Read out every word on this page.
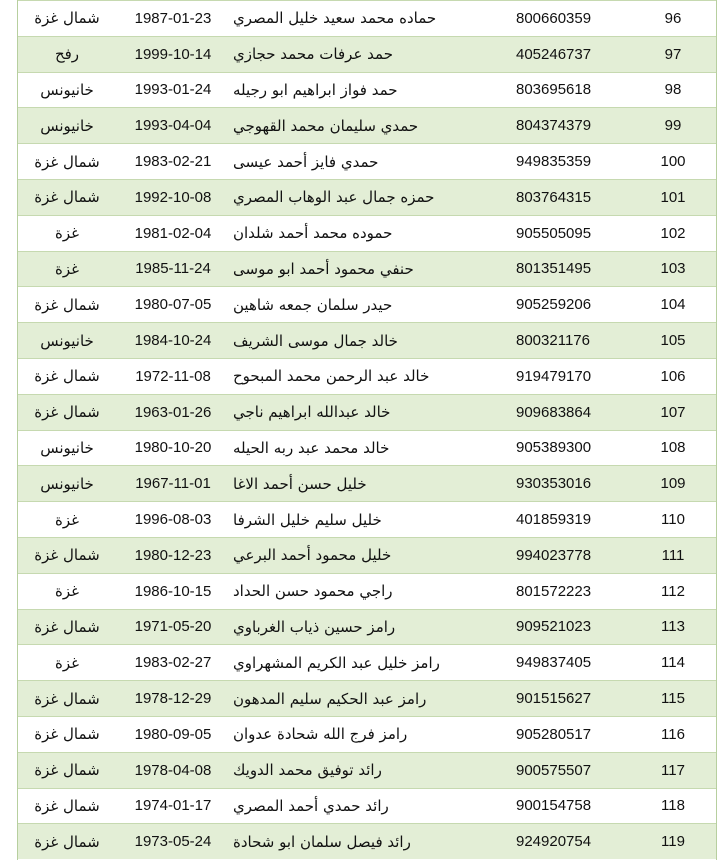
شمال غزة	1987-01-23	حماده محمد سعيد خليل المصري	800660359	96
رفح	1999-10-14	حمد عرفات محمد حجازي	405246737	97
خانيونس	1993-01-24	حمد فواز ابراهيم ابو رجيله	803695618	98
خانيونس	1993-04-04	حمدي سليمان محمد القهوجي	804374379	99
شمال غزة	1983-02-21	حمدي فايز أحمد عيسى	949835359	100
شمال غزة	1992-10-08	حمزه جمال عبد الوهاب المصري	803764315	101
غزة	1981-02-04	حموده محمد أحمد شلدان	905505095	102
غزة	1985-11-24	حنفي محمود أحمد ابو موسى	801351495	103
شمال غزة	1980-07-05	حيدر سلمان جمعه شاهين	905259206	104
خانيونس	1984-10-24	خالد جمال موسى الشريف	800321176	105
شمال غزة	1972-11-08	خالد عبد الرحمن محمد المبحوح	919479170	106
شمال غزة	1963-01-26	خالد عبدالله ابراهيم ناجي	909683864	107
خانيونس	1980-10-20	خالد محمد عبد ربه الحيله	905389300	108
خانيونس	1967-11-01	خليل حسن أحمد الاغا	930353016	109
غزة	1996-08-03	خليل سليم خليل الشرفا	401859319	110
شمال غزة	1980-12-23	خليل محمود أحمد البرعي	994023778	111
غزة	1986-10-15	راجي محمود حسن الحداد	801572223	112
شمال غزة	1971-05-20	رامز حسين ذياب الغرباوي	909521023	113
غزة	1983-02-27	رامز خليل عبد الكريم المشهراوي	949837405	114
شمال غزة	1978-12-29	رامز عبد الحكيم سليم المدهون	901515627	115
شمال غزة	1980-09-05	رامز فرج الله شحادة عدوان	905280517	116
شمال غزة	1978-04-08	رائد توفيق محمد الدويك	900575507	117
شمال غزة	1974-01-17	رائد حمدي أحمد المصري	900154758	118
شمال غزة	1973-05-24	رائد فيصل سلمان ابو شحادة	924920754	119
